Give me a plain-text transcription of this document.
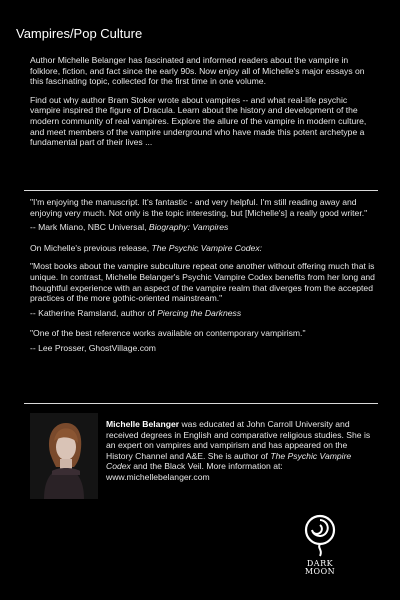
Vampires/Pop Culture

Author Michelle Belanger has fascinated and informed readers about the vampire in folklore, fiction, and fact since the early 90s. Now enjoy all of Michelle's major essays on this fascinating topic, collected for the first time in one volume.

Find out why author Bram Stoker wrote about vampires -- and what real-life psychic vampire inspired the figure of Dracula. Learn about the history and development of the modern community of real vampires. Explore the allure of the vampire in modern culture, and meet members of the vampire underground who have made this potent archetype a fundamental part of their lives ...

"I'm enjoying the manuscript. It's fantastic - and very helpful. I'm still reading away and enjoying very much. Not only is the topic interesting, but [Michelle's] a really good writer."

-- Mark Miano, NBC Universal, Biography: Vampires

On Michelle's previous release, The Psychic Vampire Codex:

"Most books about the vampire subculture repeat one another without offering much that is unique. In contrast, Michelle Belanger's Psychic Vampire Codex benefits from her long and thoughtful experience with an aspect of the vampire realm that diverges from the accepted practices of the more gothic-oriented mainstream."

-- Katherine Ramsland, author of Piercing the Darkness

"One of the best reference works available on contemporary vampirism."

-- Lee Prosser, GhostVillage.com

Michelle Belanger was educated at John Carroll University and received degrees in English and comparative religious studies. She is an expert on vampires and vampirism and has appeared on the History Channel and A&E. She is author of The Psychic Vampire Codex and the Black Veil. More information at: www.michellebelanger.com
DARK
MOON
